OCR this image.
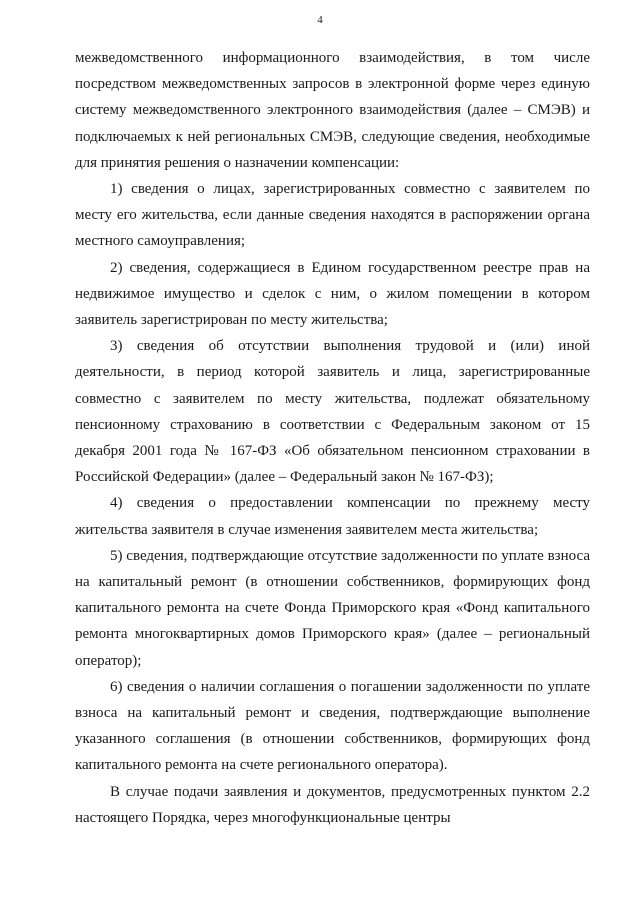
4

межведомственного информационного взаимодействия, в том числе посредством межведомственных запросов в электронной форме через единую систему межведомственного электронного взаимодействия (далее – СМЭВ) и подключаемых к ней региональных СМЭВ, следующие сведения, необходимые для принятия решения о назначении компенсации:

1) сведения о лицах, зарегистрированных совместно с заявителем по месту его жительства, если данные сведения находятся в распоряжении органа местного самоуправления;

2) сведения, содержащиеся в Едином государственном реестре прав на недвижимое имущество и сделок с ним, о жилом помещении в котором заявитель зарегистрирован по месту жительства;

3) сведения об отсутствии выполнения трудовой и (или) иной деятельности, в период которой заявитель и лица, зарегистрированные совместно с заявителем по месту жительства, подлежат обязательному пенсионному страхованию в соответствии с Федеральным законом от 15 декабря 2001 года № 167-ФЗ «Об обязательном пенсионном страховании в Российской Федерации» (далее – Федеральный закон № 167-ФЗ);

4) сведения о предоставлении компенсации по прежнему месту жительства заявителя в случае изменения заявителем места жительства;

5) сведения, подтверждающие отсутствие задолженности по уплате взноса на капитальный ремонт (в отношении собственников, формирующих фонд капитального ремонта на счете Фонда Приморского края «Фонд капитального ремонта многоквартирных домов Приморского края» (далее – региональный оператор);

6) сведения о наличии соглашения о погашении задолженности по уплате взноса на капитальный ремонт и сведения, подтверждающие выполнение указанного соглашения (в отношении собственников, формирующих фонд капитального ремонта на счете регионального оператора).

В случае подачи заявления и документов, предусмотренных пунктом 2.2 настоящего Порядка, через многофункциональные центры
